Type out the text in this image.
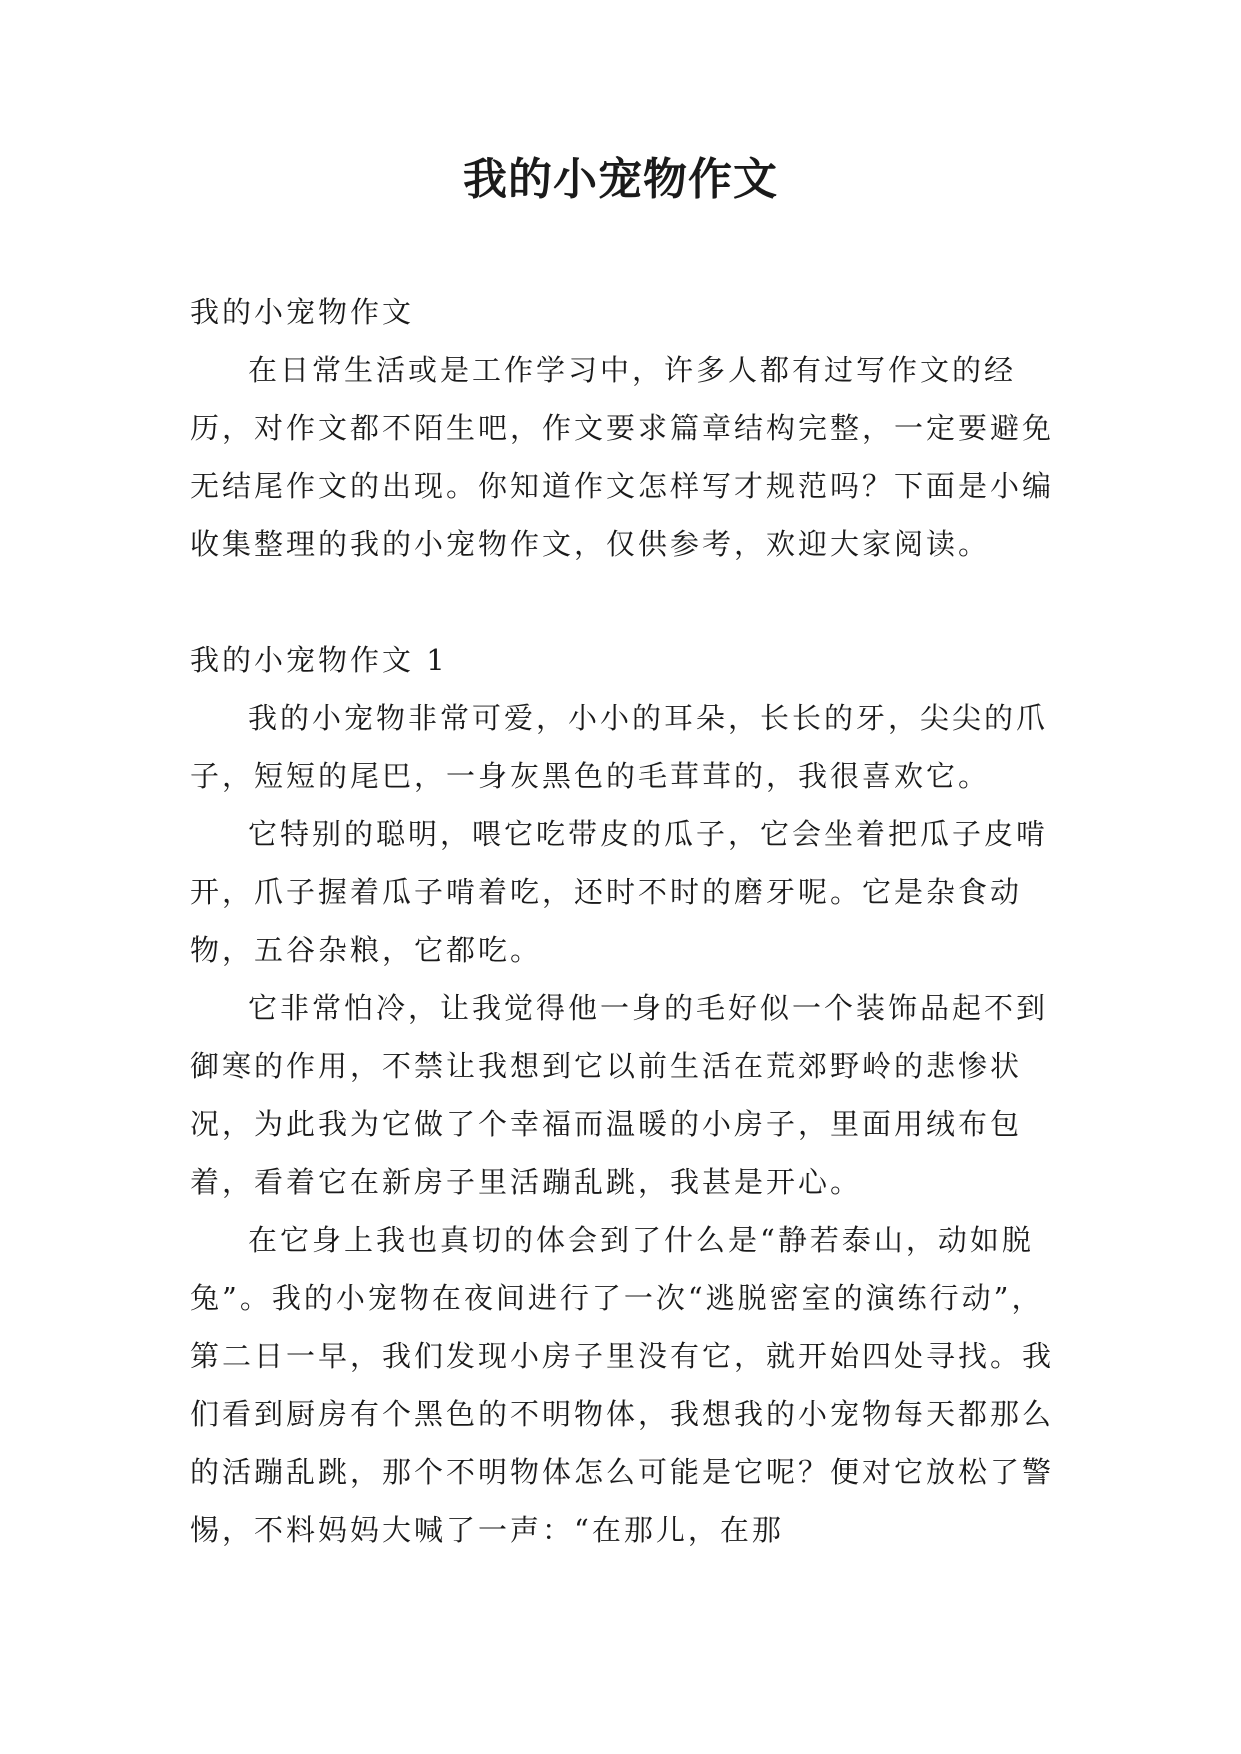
我的小宠物作文

我的小宠物作文

在日常生活或是工作学习中，许多人都有过写作文的经历，对作文都不陌生吧，作文要求篇章结构完整，一定要避免无结尾作文的出现。你知道作文怎样写才规范吗？下面是小编收集整理的我的小宠物作文，仅供参考，欢迎大家阅读。

我的小宠物作文 1

我的小宠物非常可爱，小小的耳朵，长长的牙，尖尖的爪子，短短的尾巴，一身灰黑色的毛茸茸的，我很喜欢它。

它特别的聪明，喂它吃带皮的瓜子，它会坐着把瓜子皮啃开，爪子握着瓜子啃着吃，还时不时的磨牙呢。它是杂食动物，五谷杂粮，它都吃。

它非常怕冷，让我觉得他一身的毛好似一个装饰品起不到御寒的作用，不禁让我想到它以前生活在荒郊野岭的悲惨状况，为此我为它做了个幸福而温暖的小房子，里面用绒布包着，看着它在新房子里活蹦乱跳，我甚是开心。

在它身上我也真切的体会到了什么是“静若泰山，动如脱兔”。我的小宠物在夜间进行了一次“逃脱密室的演练行动”，第二日一早，我们发现小房子里没有它，就开始四处寻找。我们看到厨房有个黑色的不明物体，我想我的小宠物每天都那么的活蹦乱跳，那个不明物体怎么可能是它呢？便对它放松了警惕，不料妈妈大喊了一声：“在那儿，在那
